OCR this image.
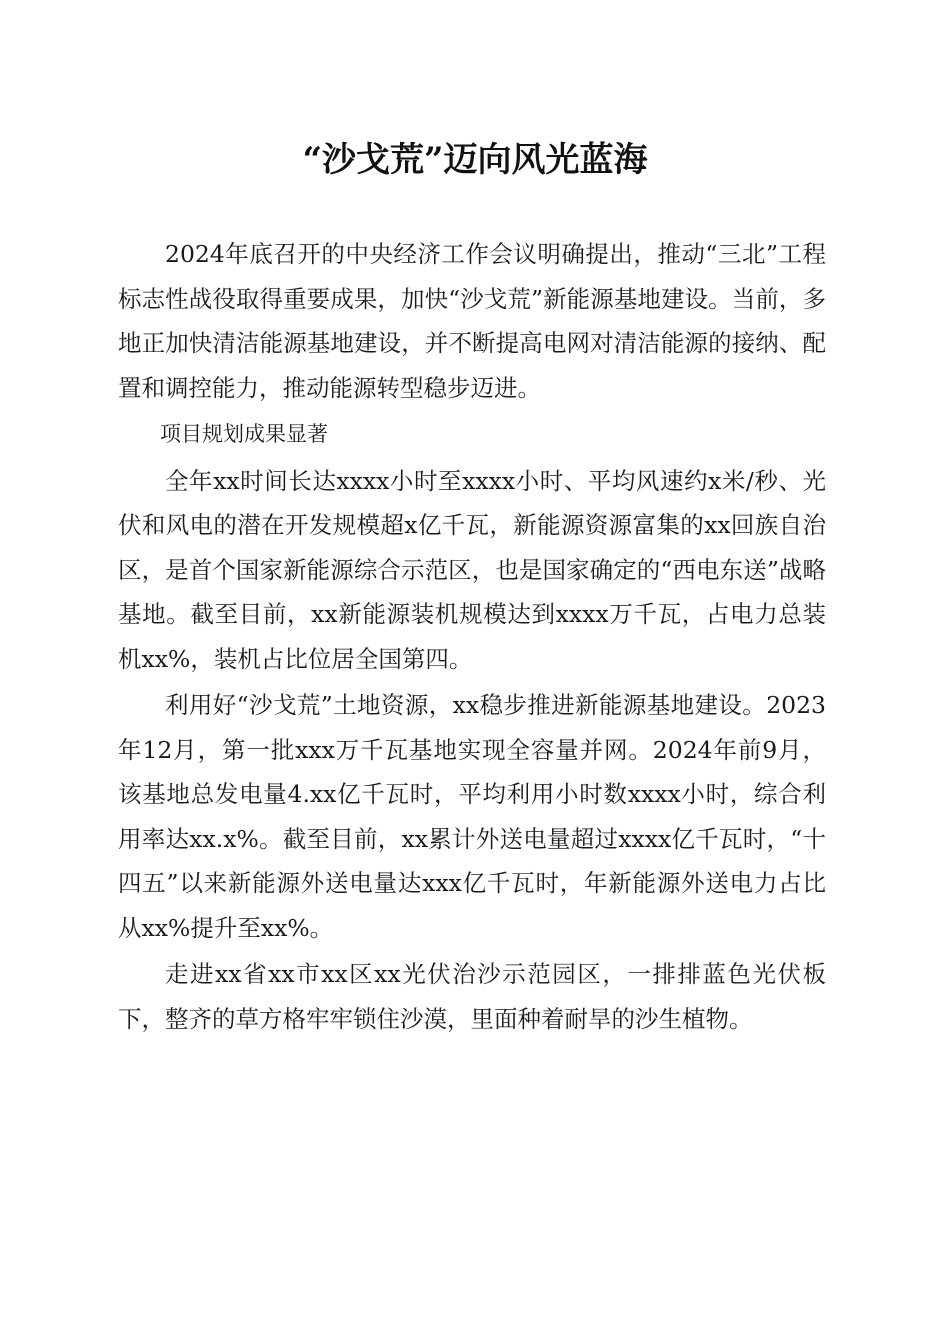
“沙戈荒”迈向风光蓝海

2024年底召开的中央经济工作会议明确提出，推动“三北”工程标志性战役取得重要成果，加快“沙戈荒”新能源基地建设。当前，多地正加快清洁能源基地建设，并不断提高电网对清洁能源的接纳、配置和调控能力，推动能源转型稳步迈进。

项目规划成果显著

全年xx时间长达xxxx小时至xxxx小时、平均风速约x米/秒、光伏和风电的潜在开发规模超x亿千瓦，新能源资源富集的xx回族自治区，是首个国家新能源综合示范区，也是国家确定的“西电东送”战略基地。截至目前，xx新能源装机规模达到xxxx万千瓦，占电力总装机xx%，装机占比位居全国第四。

利用好“沙戈荒”土地资源，xx稳步推进新能源基地建设。2023年12月，第一批xxx万千瓦基地实现全容量并网。2024年前9月，该基地总发电量4.xx亿千瓦时，平均利用小时数xxxx小时，综合利用率达xx.x%。截至目前，xx累计外送电量超过xxxx亿千瓦时，“十四五”以来新能源外送电量达xxx亿千瓦时，年新能源外送电力占比从xx%提升至xx%。

走进xx省xx市xx区xx光伏治沙示范园区，一排排蓝色光伏板下，整齐的草方格牢牢锁住沙漠，里面种着耐旱的沙生植物。
